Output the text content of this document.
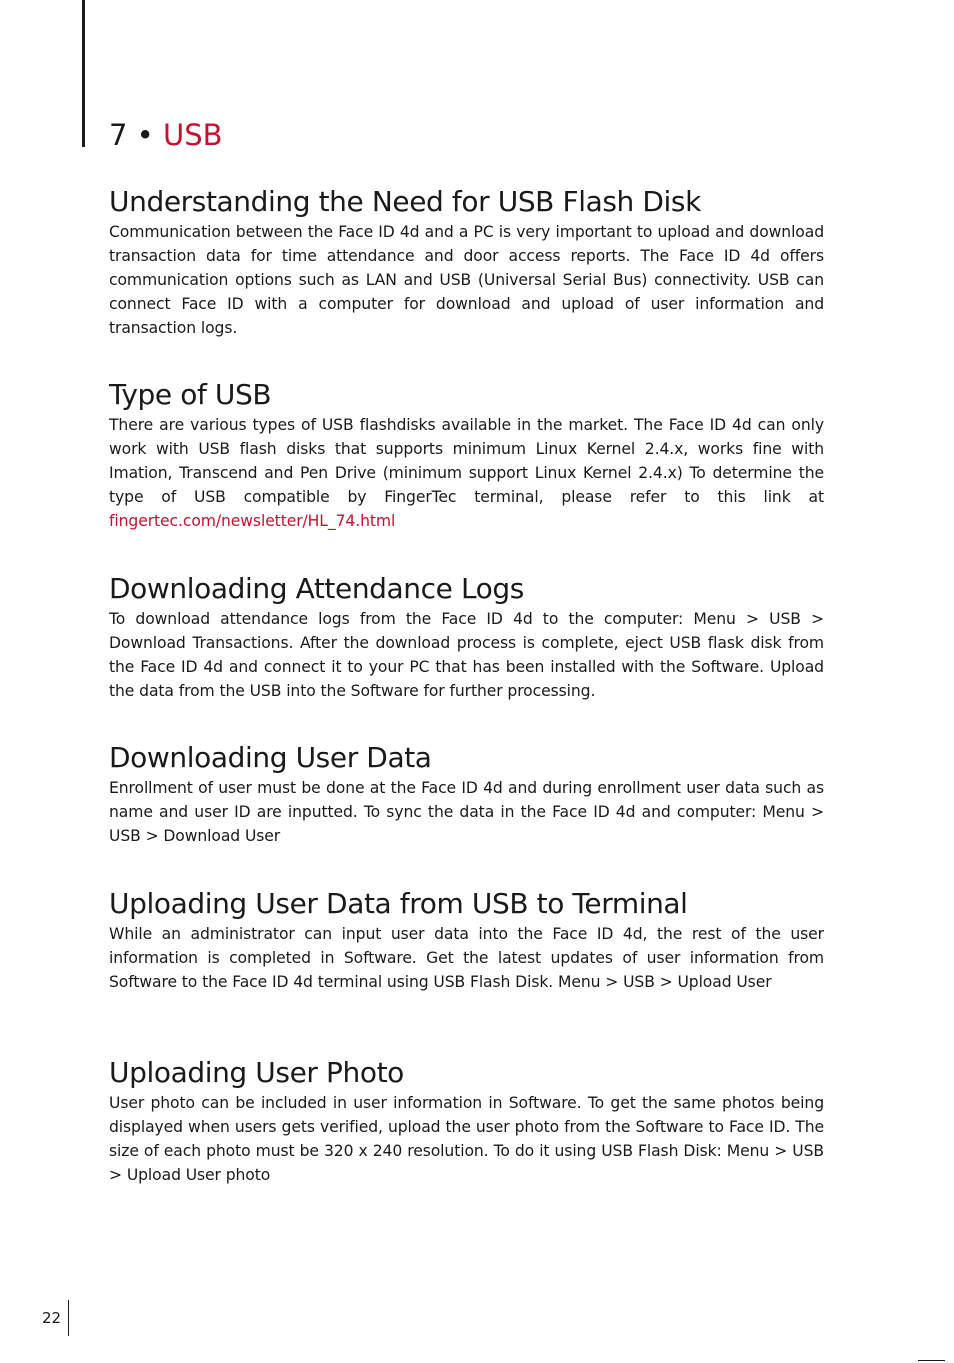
7 • USB
Understanding the Need for USB Flash Disk

Communication between the Face ID 4d and a PC is very important to upload and download transaction data for time attendance and door access reports. The Face ID 4d offers communication options such as LAN and USB (Universal Serial Bus) connectivity. USB can connect Face ID with a computer for download and upload of user information and transaction logs.

Type of USB

There are various types of USB flashdisks available in the market. The Face ID 4d can only work with USB flash disks that supports minimum Linux Kernel 2.4.x, works fine with Imation, Transcend and Pen Drive (minimum support Linux Kernel 2.4.x) To determine the type of USB compatible by FingerTec terminal, please refer to this link at fingertec.com/newsletter/HL_74.html

Downloading Attendance Logs

To download attendance logs from the Face ID 4d to the computer: Menu > USB > Download Transactions. After the download process is complete, eject USB flask disk from the Face ID 4d and connect it to your PC that has been installed with the Software. Upload the data from the USB into the Software for further processing.

Downloading User Data

Enrollment of user must be done at the Face ID 4d and during enrollment user data such as name and user ID are inputted. To sync the data in the Face ID 4d and computer: Menu > USB > Download User

Uploading User Data from USB to Terminal

While an administrator can input user data into the Face ID 4d, the rest of the user information is completed in Software. Get the latest updates of user information from Software to the Face ID 4d terminal using USB Flash Disk. Menu > USB > Upload User

Uploading User Photo

User photo can be included in user information in Software. To get the same photos being displayed when users gets verified, upload the user photo from the Software to Face ID. The size of each photo must be 320 x 240 resolution. To do it using USB Flash Disk: Menu > USB > Upload User photo

22
